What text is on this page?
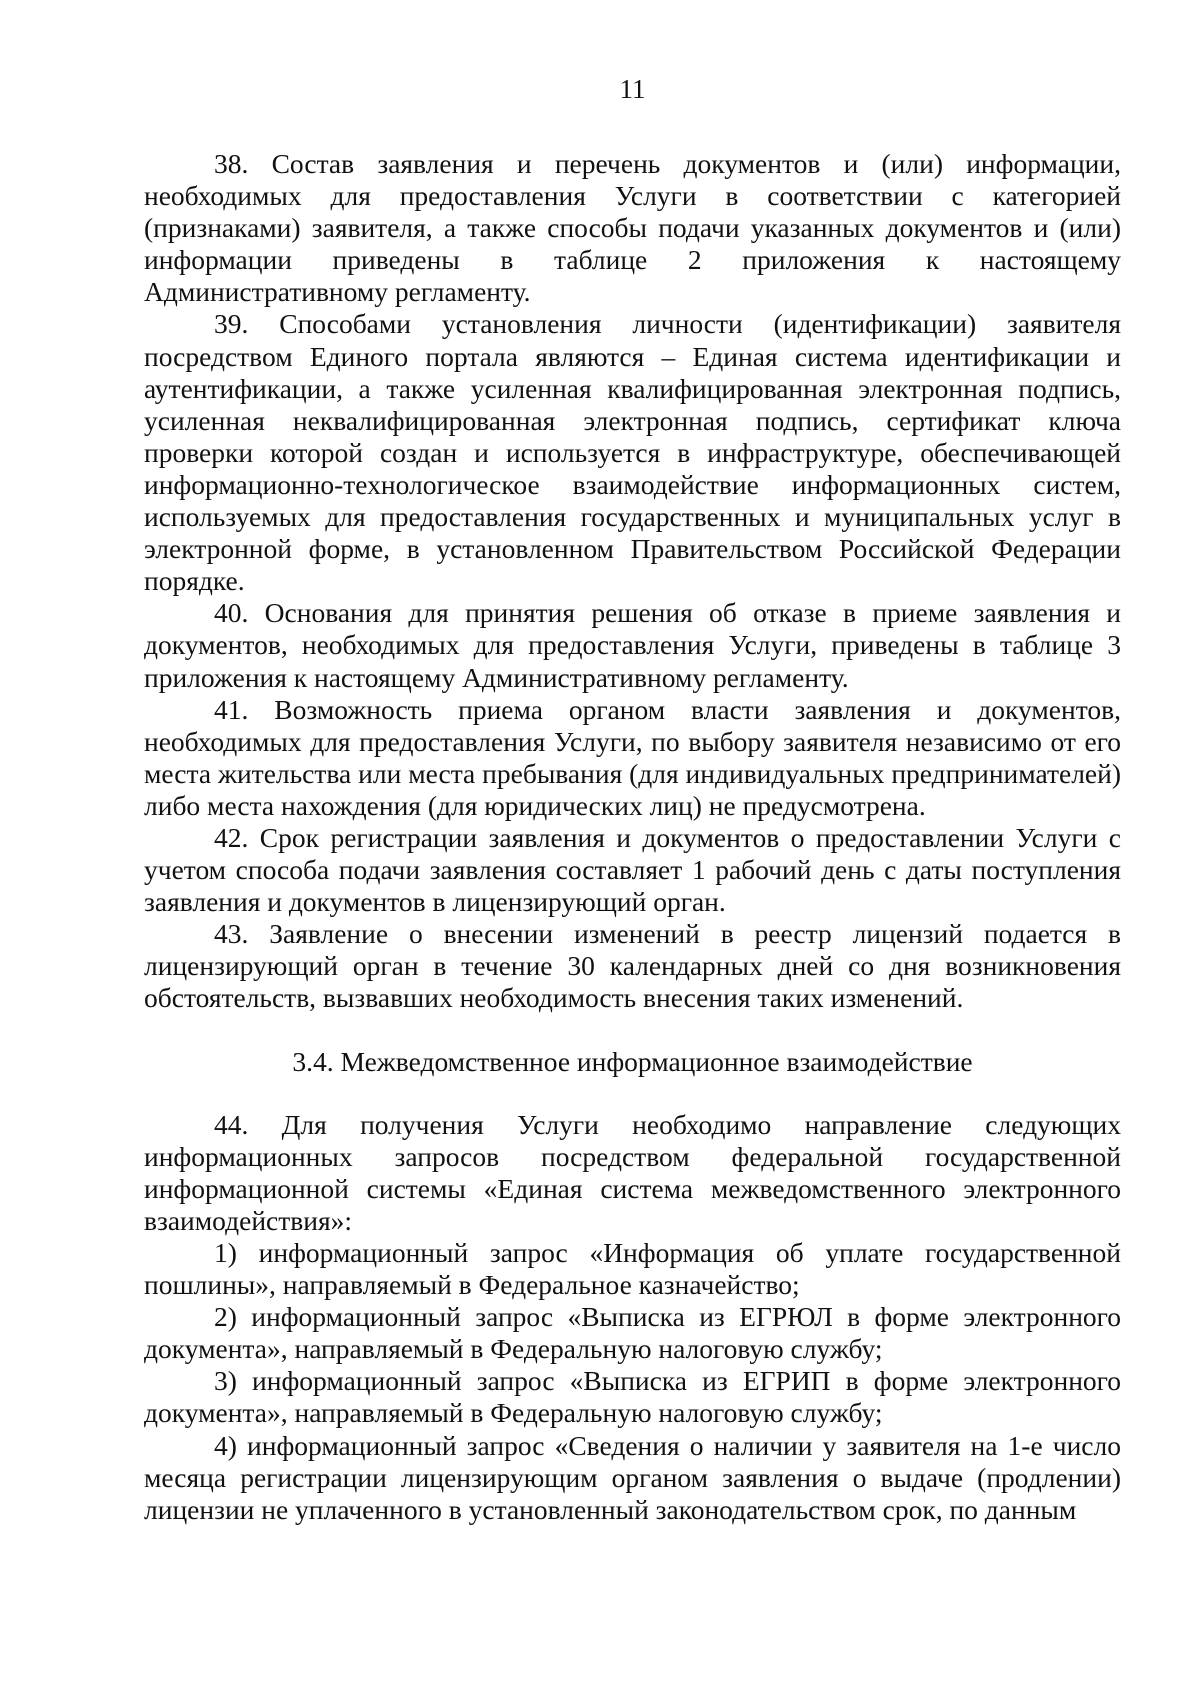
11

38. Состав заявления и перечень документов и (или) информации, необходимых для предоставления Услуги в соответствии с категорией (признаками) заявителя, а также способы подачи указанных документов и (или) информации приведены в таблице 2 приложения к настоящему Административному регламенту.

39. Способами установления личности (идентификации) заявителя посредством Единого портала являются – Единая система идентификации и аутентификации, а также усиленная квалифицированная электронная подпись, усиленная неквалифицированная электронная подпись, сертификат ключа проверки которой создан и используется в инфраструктуре, обеспечивающей информационно-технологическое взаимодействие информационных систем, используемых для предоставления государственных и муниципальных услуг в электронной форме, в установленном Правительством Российской Федерации порядке.

40. Основания для принятия решения об отказе в приеме заявления и документов, необходимых для предоставления Услуги, приведены в таблице 3 приложения к настоящему Административному регламенту.

41. Возможность приема органом власти заявления и документов, необходимых для предоставления Услуги, по выбору заявителя независимо от его места жительства или места пребывания (для индивидуальных предпринимателей) либо места нахождения (для юридических лиц) не предусмотрена.

42. Срок регистрации заявления и документов о предоставлении Услуги с учетом способа подачи заявления составляет 1 рабочий день с даты поступления заявления и документов в лицензирующий орган.

43. Заявление о внесении изменений в реестр лицензий подается в лицензирующий орган в течение 30 календарных дней со дня возникновения обстоятельств, вызвавших необходимость внесения таких изменений.

3.4. Межведомственное информационное взаимодействие

44. Для получения Услуги необходимо направление следующих информационных запросов посредством федеральной государственной информационной системы «Единая система межведомственного электронного взаимодействия»:

1) информационный запрос «Информация об уплате государственной пошлины», направляемый в Федеральное казначейство;

2) информационный запрос «Выписка из ЕГРЮЛ в форме электронного документа», направляемый в Федеральную налоговую службу;

3) информационный запрос «Выписка из ЕГРИП в форме электронного документа», направляемый в Федеральную налоговую службу;

4) информационный запрос «Сведения о наличии у заявителя на 1-е число месяца регистрации лицензирующим органом заявления о выдаче (продлении) лицензии не уплаченного в установленный законодательством срок, по данным
